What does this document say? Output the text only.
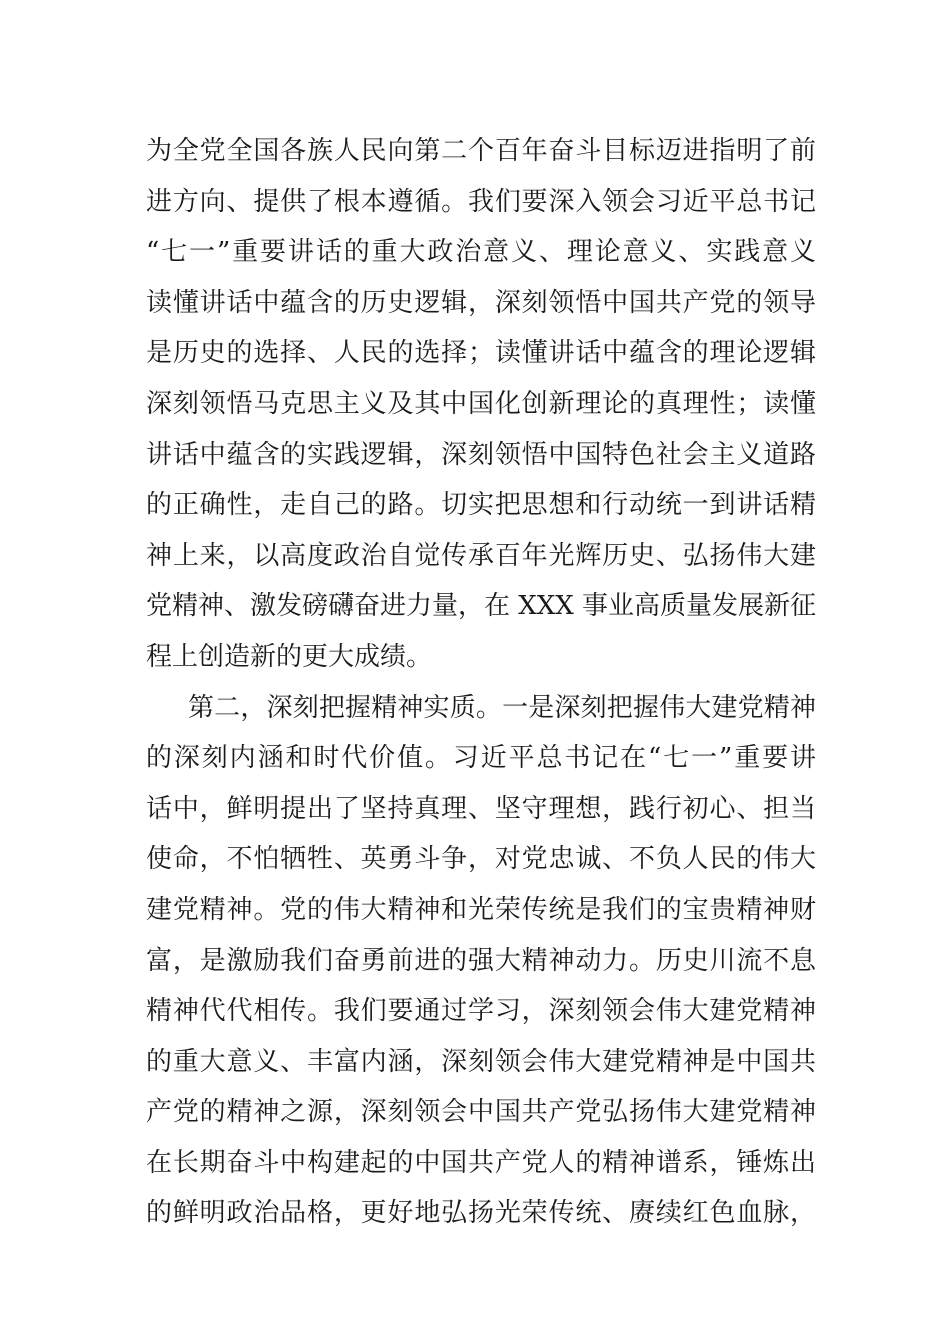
为全党全国各族人民向第二个百年奋斗目标迈进指明了前
进方向、提供了根本遵循。我们要深入领会习近平总书记
“七一”重要讲话的重大政治意义、理论意义、实践意义
读懂讲话中蕴含的历史逻辑，深刻领悟中国共产党的领导
是历史的选择、人民的选择；读懂讲话中蕴含的理论逻辑
深刻领悟马克思主义及其中国化创新理论的真理性；读懂
讲话中蕴含的实践逻辑，深刻领悟中国特色社会主义道路
的正确性，走自己的路。切实把思想和行动统一到讲话精
神上来，以高度政治自觉传承百年光辉历史、弘扬伟大建
党精神、激发磅礴奋进力量，在 XXX 事业高质量发展新征
程上创造新的更大成绩。
第二，深刻把握精神实质。一是深刻把握伟大建党精神
的深刻内涵和时代价值。习近平总书记在“七一”重要讲
话中，鲜明提出了坚持真理、坚守理想，践行初心、担当
使命，不怕牺牲、英勇斗争，对党忠诚、不负人民的伟大
建党精神。党的伟大精神和光荣传统是我们的宝贵精神财
富，是激励我们奋勇前进的强大精神动力。历史川流不息
精神代代相传。我们要通过学习，深刻领会伟大建党精神
的重大意义、丰富内涵，深刻领会伟大建党精神是中国共
产党的精神之源，深刻领会中国共产党弘扬伟大建党精神
在长期奋斗中构建起的中国共产党人的精神谱系，锤炼出
的鲜明政治品格，更好地弘扬光荣传统、赓续红色血脉，
